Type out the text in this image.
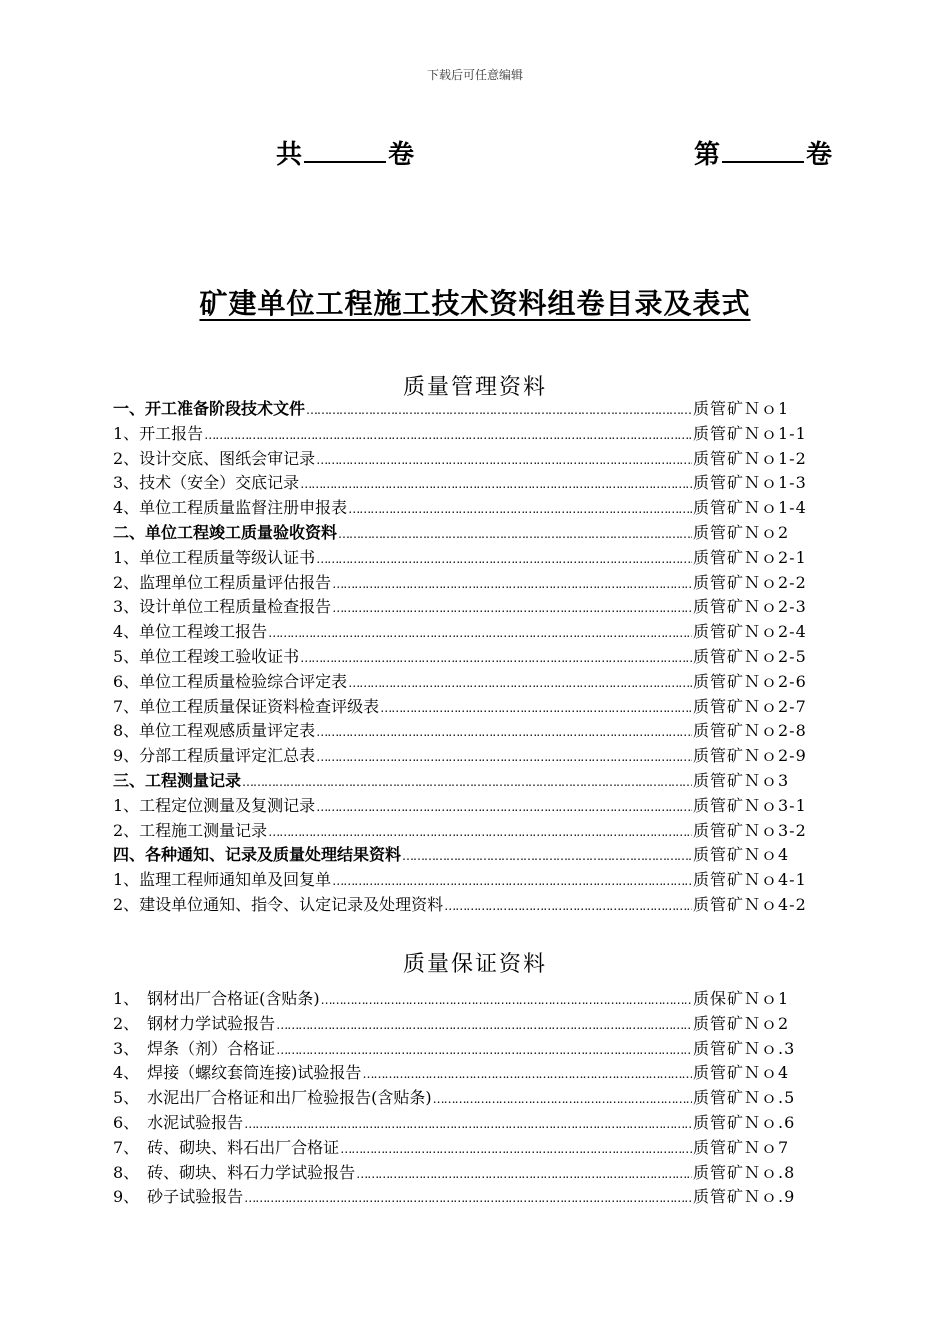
下载后可任意编辑
共	卷	第	卷
矿建单位工程施工技术资料组卷目录及表式
质量管理资料
一、开工准备阶段技术文件 …………………………………………………………………………………………………………………………………………………………………………	质管矿Ｎｏ1
1、开工报告 …………………………………………………………………………………………………………………………………………………………………………	质管矿Ｎｏ1-1
2、设计交底、图纸会审记录 …………………………………………………………………………………………………………………………………………………………………………	质管矿Ｎｏ1-2
3、技术（安全）交底记录 …………………………………………………………………………………………………………………………………………………………………………	质管矿Ｎｏ1-3
4、单位工程质量监督注册申报表 …………………………………………………………………………………………………………………………………………………………………………	质管矿Ｎｏ1-4
二、单位工程竣工质量验收资料 …………………………………………………………………………………………………………………………………………………………………………	质管矿Ｎｏ2
1、单位工程质量等级认证书 …………………………………………………………………………………………………………………………………………………………………………	质管矿Ｎｏ2-1
2、监理单位工程质量评估报告 …………………………………………………………………………………………………………………………………………………………………………	质管矿Ｎｏ2-2
3、设计单位工程质量检查报告 …………………………………………………………………………………………………………………………………………………………………………	质管矿Ｎｏ2-3
4、单位工程竣工报告 …………………………………………………………………………………………………………………………………………………………………………	质管矿Ｎｏ2-4
5、单位工程竣工验收证书 …………………………………………………………………………………………………………………………………………………………………………	质管矿Ｎｏ2-5
6、单位工程质量检验综合评定表 …………………………………………………………………………………………………………………………………………………………………………	质管矿Ｎｏ2-6
7、单位工程质量保证资料检查评级表 …………………………………………………………………………………………………………………………………………………………………………	质管矿Ｎｏ2-7
8、单位工程观感质量评定表 …………………………………………………………………………………………………………………………………………………………………………	质管矿Ｎｏ2-8
9、分部工程质量评定汇总表 …………………………………………………………………………………………………………………………………………………………………………	质管矿Ｎｏ2-9
三、工程测量记录 …………………………………………………………………………………………………………………………………………………………………………	质管矿Ｎｏ3
1、工程定位测量及复测记录 …………………………………………………………………………………………………………………………………………………………………………	质管矿Ｎｏ3-1
2、工程施工测量记录 …………………………………………………………………………………………………………………………………………………………………………	质管矿Ｎｏ3-2
四、各种通知、记录及质量处理结果资料 …………………………………………………………………………………………………………………………………………………………………………	质管矿Ｎｏ4
1、监理工程师通知单及回复单 …………………………………………………………………………………………………………………………………………………………………………	质管矿Ｎｏ4-1
2、建设单位通知、指令、认定记录及处理资料 …………………………………………………………………………………………………………………………………………………………………………	质管矿Ｎｏ4-2
质量保证资料
1、　钢材出厂合格证(含贴条) …………………………………………………………………………………………………………………………………………………………………………	质保矿Ｎｏ1
2、　钢材力学试验报告 …………………………………………………………………………………………………………………………………………………………………………	质管矿Ｎｏ2
3、　焊条（剂）合格证 …………………………………………………………………………………………………………………………………………………………………………	质管矿Ｎｏ.3
4、　焊接（螺纹套筒连接)试验报告 …………………………………………………………………………………………………………………………………………………………………………	质管矿Ｎｏ4
5、　水泥出厂合格证和出厂检验报告(含贴条) …………………………………………………………………………………………………………………………………………………………………………	质管矿Ｎｏ.5
6、　水泥试验报告 …………………………………………………………………………………………………………………………………………………………………………	质管矿Ｎｏ.6
7、　砖、砌块、料石出厂合格证 …………………………………………………………………………………………………………………………………………………………………………	质管矿Ｎｏ7
8、　砖、砌块、料石力学试验报告 …………………………………………………………………………………………………………………………………………………………………………	质管矿Ｎｏ.8
9、　砂子试验报告 …………………………………………………………………………………………………………………………………………………………………………	质管矿Ｎｏ.9
